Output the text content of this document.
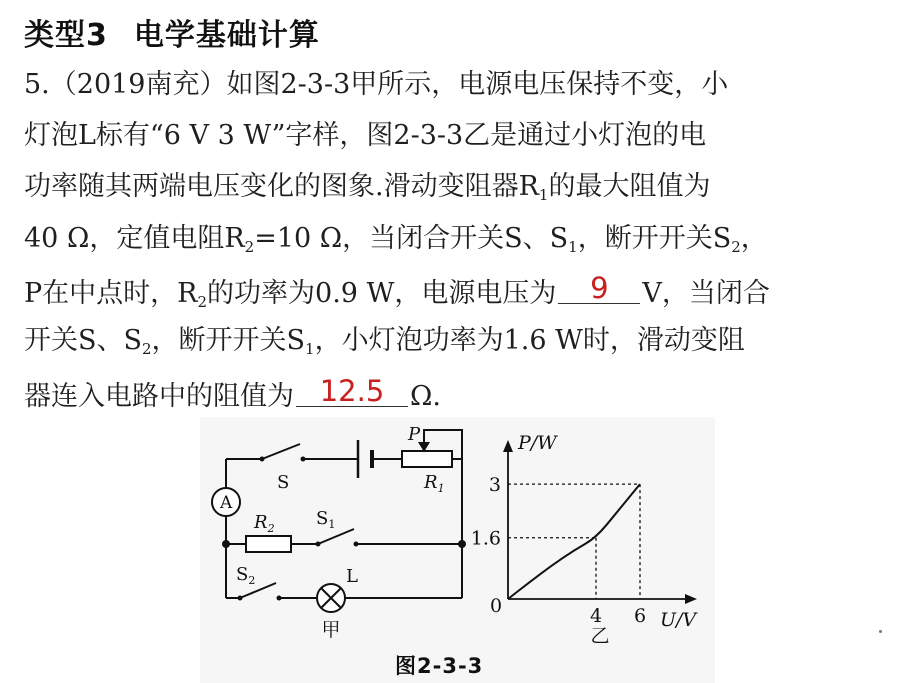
类型3 电学基础计算
5.（2019南充）如图2-3-3甲所示，电源电压保持不变，小
灯泡L标有“6 V 3 W”字样，图2-3-3乙是通过小灯泡的电
功率随其两端电压变化的图象.滑动变阻器$R_1$的最大阻值为
40 Ω，定值电阻$R_2=10$ Ω，当闭合开关S、$S_1$，断开开关$S_2$，
P在中点时，$R_2$的功率为0.9 W，电源电压为	9	V，当闭合
开关S、$S_2$，断开开关$S_1$，小灯泡功率为1.6 W时，滑动变阻
器连入电路中的阻值为 12.5 Ω.
S
P
$R_1$
A
$R_2$ $S_1$
$S_2$	L
甲
3
1.6
4 6
P/W
U/V
0
乙
图2-3-3
